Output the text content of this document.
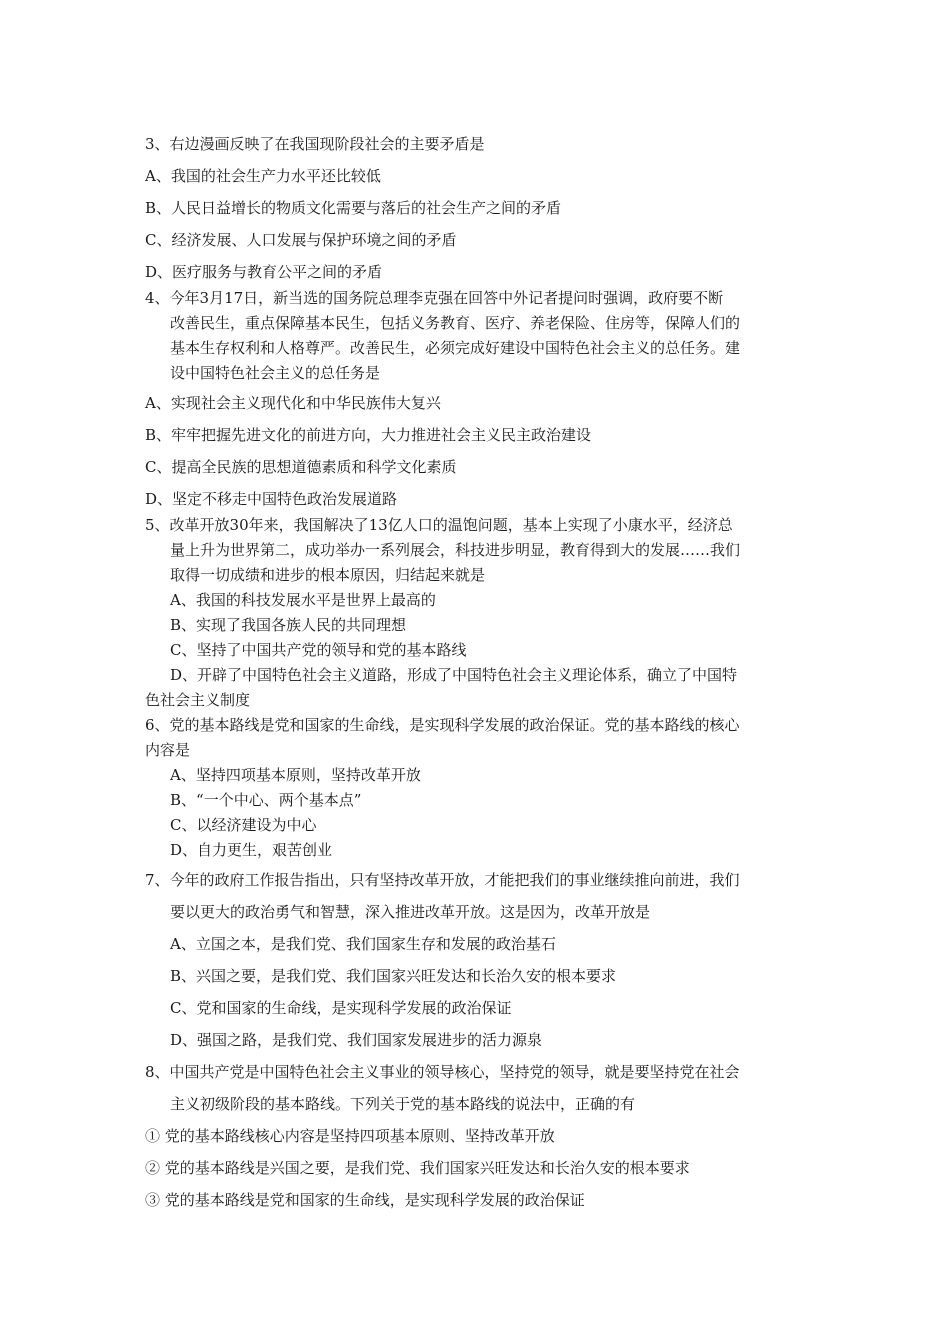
3、右边漫画反映了在我国现阶段社会的主要矛盾是
A、我国的社会生产力水平还比较低
B、人民日益增长的物质文化需要与落后的社会生产之间的矛盾
C、经济发展、人口发展与保护环境之间的矛盾
D、医疗服务与教育公平之间的矛盾
4、今年3月17日，新当选的国务院总理李克强在回答中外记者提问时强调，政府要不断
改善民生，重点保障基本民生，包括义务教育、医疗、养老保险、住房等，保障人们的
基本生存权利和人格尊严。改善民生，必须完成好建设中国特色社会主义的总任务。建
设中国特色社会主义的总任务是
A、实现社会主义现代化和中华民族伟大复兴
B、牢牢把握先进文化的前进方向，大力推进社会主义民主政治建设
C、提高全民族的思想道德素质和科学文化素质
D、坚定不移走中国特色政治发展道路
5、改革开放30年来，我国解决了13亿人口的温饱问题，基本上实现了小康水平，经济总
量上升为世界第二，成功举办一系列展会，科技进步明显，教育得到大的发展……我们
取得一切成绩和进步的根本原因，归结起来就是
A、我国的科技发展水平是世界上最高的
B、实现了我国各族人民的共同理想
C、坚持了中国共产党的领导和党的基本路线
D、开辟了中国特色社会主义道路，形成了中国特色社会主义理论体系，确立了中国特
色社会主义制度
6、党的基本路线是党和国家的生命线，是实现科学发展的政治保证。党的基本路线的核心
内容是
A、坚持四项基本原则，坚持改革开放
B、“一个中心、两个基本点”
C、以经济建设为中心
D、自力更生，艰苦创业
7、今年的政府工作报告指出，只有坚持改革开放，才能把我们的事业继续推向前进，我们
要以更大的政治勇气和智慧，深入推进改革开放。这是因为，改革开放是
A、立国之本，是我们党、我们国家生存和发展的政治基石
B、兴国之要，是我们党、我们国家兴旺发达和长治久安的根本要求
C、党和国家的生命线，是实现科学发展的政治保证
D、强国之路，是我们党、我们国家发展进步的活力源泉
8、中国共产党是中国特色社会主义事业的领导核心，坚持党的领导，就是要坚持党在社会
主义初级阶段的基本路线。下列关于党的基本路线的说法中，正确的有
① 党的基本路线核心内容是坚持四项基本原则、坚持改革开放
② 党的基本路线是兴国之要，是我们党、我们国家兴旺发达和长治久安的根本要求
③ 党的基本路线是党和国家的生命线，是实现科学发展的政治保证
